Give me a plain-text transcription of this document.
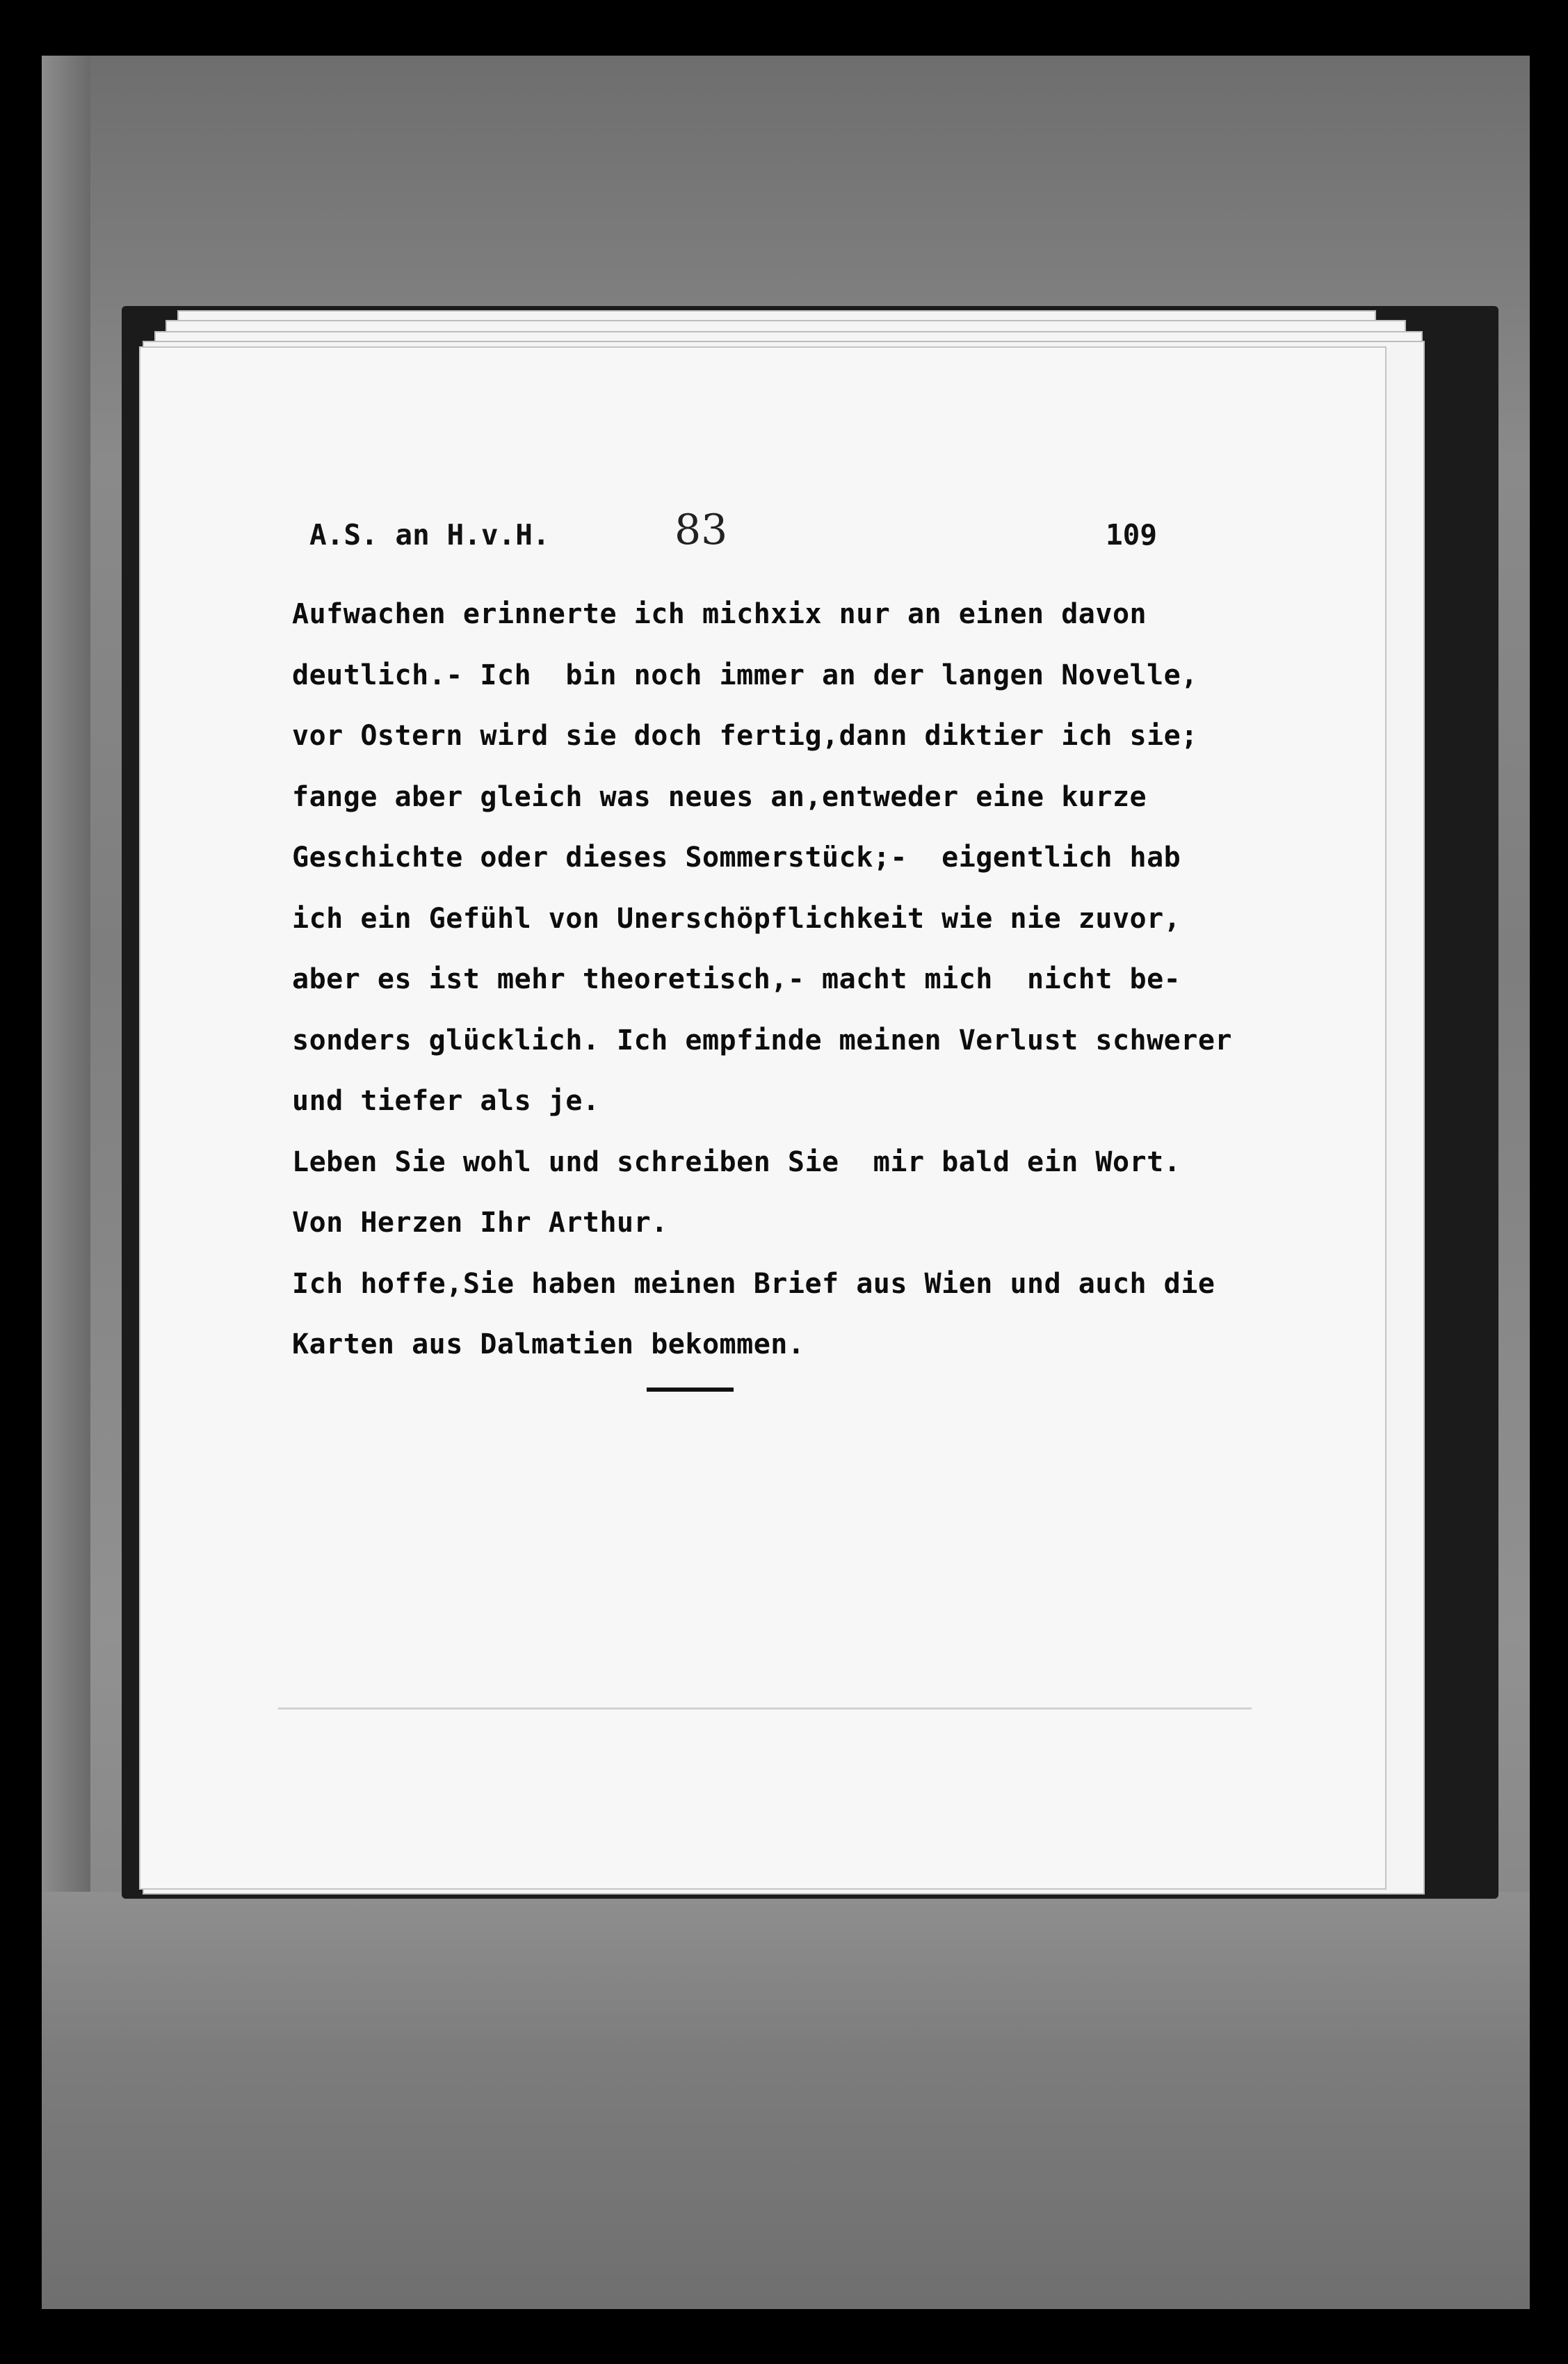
A.S. an H.v.H.	83	109
Aufwachen erinnerte ich michxix nur an einen davon
deutlich.- Ich  bin noch immer an der langen Novelle,
vor Ostern wird sie doch fertig,dann diktier ich sie;
fange aber gleich was neues an,entweder eine kurze
Geschichte oder dieses Sommerstück;-  eigentlich hab
ich ein Gefühl von Unerschöpflichkeit wie nie zuvor,
aber es ist mehr theoretisch,- macht mich  nicht be-
sonders glücklich. Ich empfinde meinen Verlust schwerer
und tiefer als je.
Leben Sie wohl und schreiben Sie  mir bald ein Wort.
Von Herzen Ihr Arthur.
Ich hoffe,Sie haben meinen Brief aus Wien und auch die
Karten aus Dalmatien bekommen.
